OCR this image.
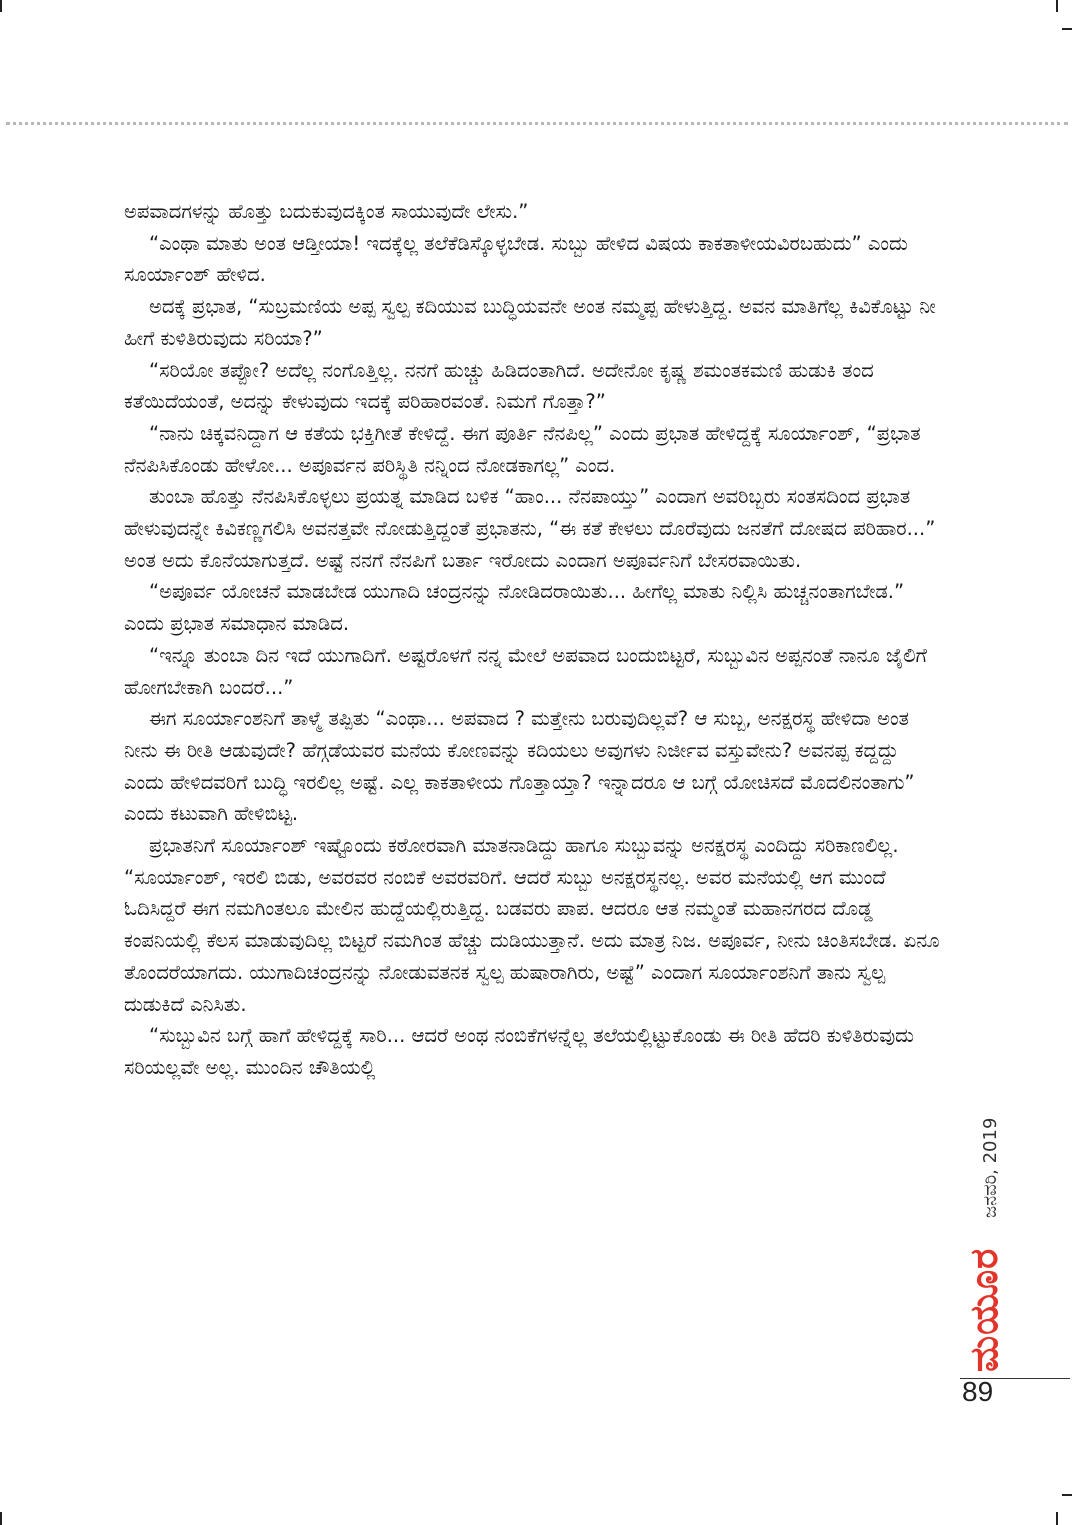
ಅಪವಾದಗಳನ್ನು ಹೊತ್ತು ಬದುಕುವುದಕ್ಕಿಂತ ಸಾಯುವುದೇ ಲೇಸು.”

“ಎಂಥಾ ಮಾತು ಅಂತ ಆಡ್ತೀಯಾ! ಇದಕ್ಕೆಲ್ಲ ತಲೆಕೆಡಿಸ್ಕೊಳ್ಳಬೇಡ. ಸುಬ್ಬು ಹೇಳಿದ ವಿಷಯ ಕಾಕತಾಳೀಯವಿರಬಹುದು” ಎಂದು ಸೂರ್ಯಾಂಶ್ ಹೇಳಿದ.

ಅದಕ್ಕೆ ಪ್ರಭಾತ, “ಸುಬ್ರಮಣಿಯ ಅಪ್ಪ ಸ್ವಲ್ಪ ಕದಿಯುವ ಬುದ್ಧಿಯವನೇ ಅಂತ ನಮ್ಮಪ್ಪ ಹೇಳುತ್ತಿದ್ದ. ಅವನ ಮಾತಿಗೆಲ್ಲ ಕಿವಿಕೊಟ್ಟು ನೀ ಹೀಗೆ ಕುಳಿತಿರುವುದು ಸರಿಯಾ?”

“ಸರಿಯೋ ತಪ್ಪೋ? ಅದೆಲ್ಲ ನಂಗೊತ್ತಿಲ್ಲ. ನನಗೆ ಹುಚ್ಚು ಹಿಡಿದಂತಾಗಿದೆ. ಅದೇನೋ ಕೃಷ್ಣ ಶಮಂತಕಮಣಿ ಹುಡುಕಿ ತಂದ ಕತೆಯಿದೆಯಂತೆ, ಅದನ್ನು ಕೇಳುವುದು ಇದಕ್ಕೆ ಪರಿಹಾರವಂತೆ. ನಿಮಗೆ ಗೊತ್ತಾ?”

“ನಾನು ಚಿಕ್ಕವನಿದ್ದಾಗ ಆ ಕತೆಯ ಭಕ್ತಿಗೀತೆ ಕೇಳಿದ್ದೆ. ಈಗ ಪೂರ್ತಿ ನೆನಪಿಲ್ಲ” ಎಂದು ಪ್ರಭಾತ ಹೇಳಿದ್ದಕ್ಕೆ ಸೂರ್ಯಾಂಶ್, “ಪ್ರಭಾತ ನೆನಪಿಸಿಕೊಂಡು ಹೇಳೋ... ಅಪೂರ್ವನ ಪರಿಸ್ಥಿತಿ ನನ್ನಿಂದ ನೋಡಕಾಗಲ್ಲ” ಎಂದ.

ತುಂಬಾ ಹೊತ್ತು ನೆನಪಿಸಿಕೊಳ್ಳಲು ಪ್ರಯತ್ನ ಮಾಡಿದ ಬಳಿಕ “ಹಾಂ... ನೆನಪಾಯ್ತು” ಎಂದಾಗ ಅವರಿಬ್ಬರು ಸಂತಸದಿಂದ ಪ್ರಭಾತ ಹೇಳುವುದನ್ನೇ ಕಿವಿಕಣ್ಣಗಲಿಸಿ ಅವನತ್ತವೇ ನೋಡುತ್ತಿದ್ದಂತೆ ಪ್ರಭಾತನು, “ಈ ಕತೆ ಕೇಳಲು ದೊರೆವುದು ಜನತೆಗೆ ದೋಷದ ಪರಿಹಾರ...” ಅಂತ ಅದು ಕೊನೆಯಾಗುತ್ತದೆ. ಅಷ್ಟೆ ನನಗೆ ನೆನಪಿಗೆ ಬರ್ತಾ ಇರೋದು ಎಂದಾಗ ಅಪೂರ್ವನಿಗೆ ಬೇಸರವಾಯಿತು.

“ಅಪೂರ್ವ ಯೋಚನೆ ಮಾಡಬೇಡ ಯುಗಾದಿ ಚಂದ್ರನನ್ನು ನೋಡಿದರಾಯಿತು... ಹೀಗೆಲ್ಲ ಮಾತು ನಿಲ್ಲಿಸಿ ಹುಚ್ಚನಂತಾಗಬೇಡ.” ಎಂದು ಪ್ರಭಾತ ಸಮಾಧಾನ ಮಾಡಿದ.

“ಇನ್ನೂ ತುಂಬಾ ದಿನ ಇದೆ ಯುಗಾದಿಗೆ. ಅಷ್ಟರೊಳಗೆ ನನ್ನ ಮೇಲೆ ಅಪವಾದ ಬಂದುಬಿಟ್ಟರೆ, ಸುಬ್ಬುವಿನ ಅಪ್ಪನಂತೆ ನಾನೂ ಜೈಲಿಗೆ ಹೋಗಬೇಕಾಗಿ ಬಂದರೆ...”

ಈಗ ಸೂರ್ಯಾಂಶನಿಗೆ ತಾಳ್ಮೆ ತಪ್ಪಿತು “ಎಂಥಾ... ಅಪವಾದ ? ಮತ್ತೇನು ಬರುವುದಿಲ್ಲವೆ? ಆ ಸುಬ್ಬ, ಅನಕ್ಷರಸ್ಥ ಹೇಳಿದಾ ಅಂತ ನೀನು ಈ ರೀತಿ ಆಡುವುದೇ? ಹೆಗ್ಗಡೆಯವರ ಮನೆಯ ಕೋಣವನ್ನು ಕದಿಯಲು ಅವುಗಳು ನಿರ್ಜೀವ ವಸ್ತುವೇನು? ಅವನಪ್ಪ ಕದ್ದದ್ದು ಎಂದು ಹೇಳಿದವರಿಗೆ ಬುದ್ಧಿ ಇರಲಿಲ್ಲ ಅಷ್ಟೆ. ಎಲ್ಲ ಕಾಕತಾಳೀಯ ಗೊತ್ತಾಯ್ತಾ? ಇನ್ನಾದರೂ ಆ ಬಗ್ಗೆ ಯೋಚಿಸದೆ ಮೊದಲಿನಂತಾಗು” ಎಂದು ಕಟುವಾಗಿ ಹೇಳಿಬಿಟ್ಟ.

ಪ್ರಭಾತನಿಗೆ ಸೂರ್ಯಾಂಶ್ ಇಷ್ಟೊಂದು ಕಠೋರವಾಗಿ ಮಾತನಾಡಿದ್ದು ಹಾಗೂ ಸುಬ್ಬುವನ್ನು ಅನಕ್ಷರಸ್ಥ ಎಂದಿದ್ದು ಸರಿಕಾಣಲಿಲ್ಲ. “ಸೂರ್ಯಾಂಶ್, ಇರಲಿ ಬಿಡು, ಅವರವರ ನಂಬಿಕೆ ಅವರವರಿಗೆ. ಆದರೆ ಸುಬ್ಬು ಅನಕ್ಷರಸ್ಥನಲ್ಲ. ಅವರ ಮನೆಯಲ್ಲಿ ಆಗ ಮುಂದೆ ಓದಿಸಿದ್ದರೆ ಈಗ ನಮಗಿಂತಲೂ ಮೇಲಿನ ಹುದ್ದೆಯಲ್ಲಿರುತ್ತಿದ್ದ. ಬಡವರು ಪಾಪ. ಆದರೂ ಆತ ನಮ್ಮಂತೆ ಮಹಾನಗರದ ದೊಡ್ಡ ಕಂಪನಿಯಲ್ಲಿ ಕೆಲಸ ಮಾಡುವುದಿಲ್ಲ ಬಿಟ್ಟರೆ ನಮಗಿಂತ ಹೆಚ್ಚು ದುಡಿಯುತ್ತಾನೆ. ಅದು ಮಾತ್ರ ನಿಜ. ಅಪೂರ್ವ, ನೀನು ಚಿಂತಿಸಬೇಡ. ಏನೂ ತೊಂದರೆಯಾಗದು. ಯುಗಾದಿಚಂದ್ರನನ್ನು ನೋಡುವತನಕ ಸ್ವಲ್ಪ ಹುಷಾರಾಗಿರು, ಅಷ್ಟೆ” ಎಂದಾಗ ಸೂರ್ಯಾಂಶನಿಗೆ ತಾನು ಸ್ವಲ್ಪ ದುಡುಕಿದೆ ಎನಿಸಿತು.

“ಸುಬ್ಬುವಿನ ಬಗ್ಗೆ ಹಾಗೆ ಹೇಳಿದ್ದಕ್ಕೆ ಸಾರಿ... ಆದರೆ ಅಂಥ ನಂಬಿಕೆಗಳನ್ನೆಲ್ಲ ತಲೆಯಲ್ಲಿಟ್ಟುಕೊಂಡು ಈ ರೀತಿ ಹೆದರಿ ಕುಳಿತಿರುವುದು ಸರಿಯಲ್ಲವೇ ಅಲ್ಲ. ಮುಂದಿನ ಚೌತಿಯಲ್ಲಿ

ಜನವರಿ, 2019
ಮಯೂರ
89
